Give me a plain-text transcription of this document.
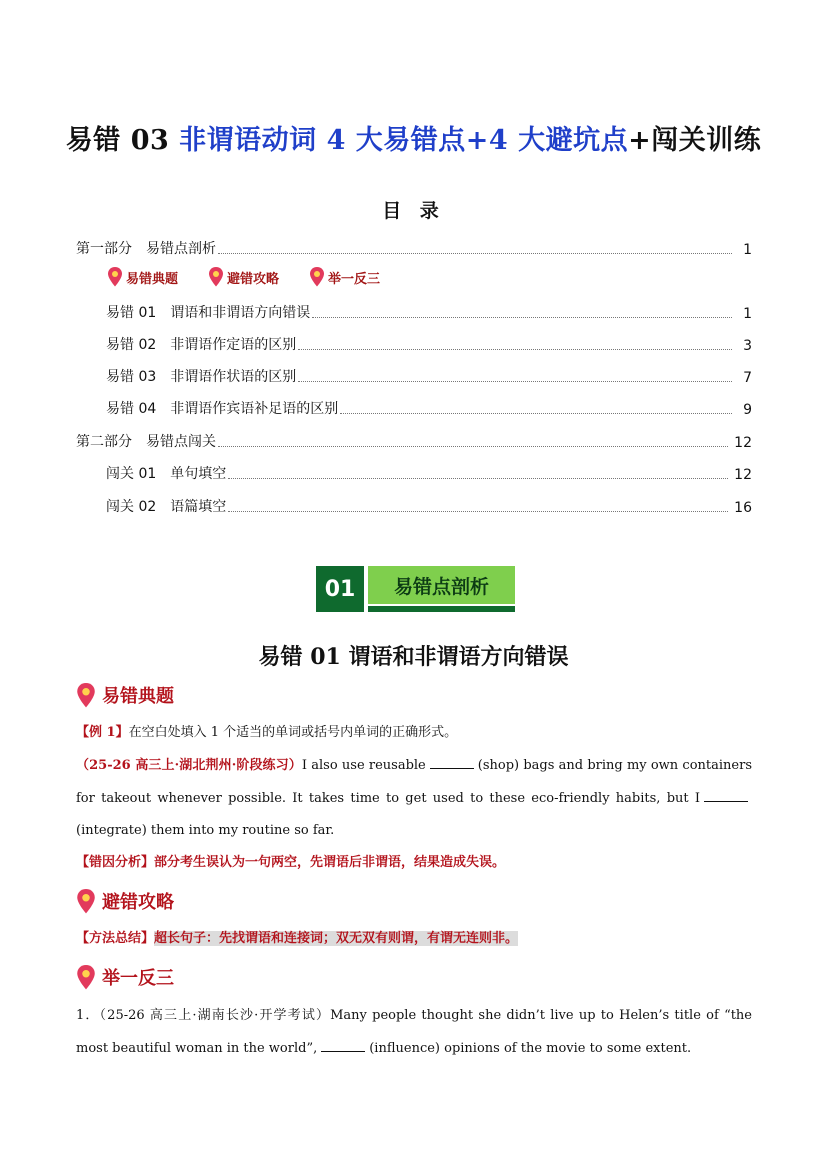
易错 03 非谓语动词 4 大易错点+4 大避坑点+闯关训练
目 录
第一部分 易错点剖析	1
易错典题	避错攻略	举一反三
易错 01 谓语和非谓语方向错误	1
易错 02 非谓语作定语的区别	3
易错 03 非谓语作状语的区别	7
易错 04 非谓语作宾语补足语的区别	9
第二部分 易错点闯关	12
闯关 01 单句填空	12
闯关 02 语篇填空	16
01	易错点剖析
易错 01 谓语和非谓语方向错误
易错典题
【例 1】在空白处填入 1 个适当的单词或括号内单词的正确形式。
（25-26 高三上·湖北荆州·阶段练习）I also use reusable	(shop) bags and bring my own containers for takeout whenever possible. It takes time to get used to these eco-friendly habits, but I(integrate) them into my routine so far.
【错因分析】部分考生误认为一句两空，先谓语后非谓语，结果造成失误。
避错攻略
【方法总结】超长句子：先找谓语和连接词；双无双有则谓，有谓无连则非。
举一反三
1．（25-26 高三上·湖南长沙·开学考试）Many people thought she didn’t live up to Helen’s title of “the most beautiful woman in the world”,	(influence) opinions of the movie to some extent.
